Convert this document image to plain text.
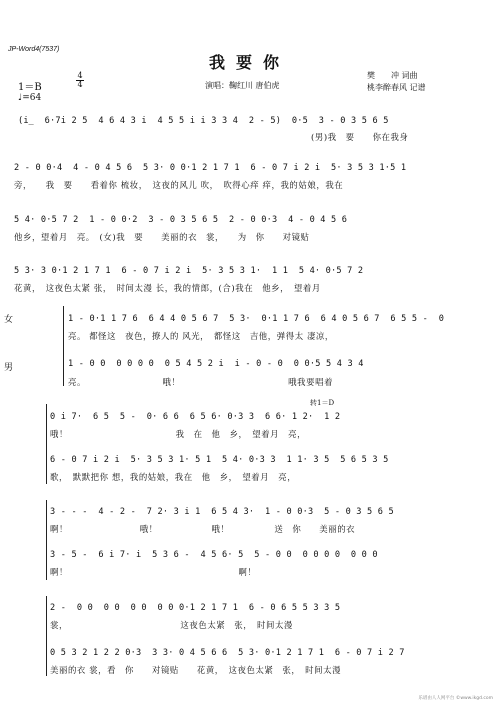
JP-Word4(7537)
我要你
演唱：鞠红川 唐伯虎
樊　　冲 词曲
桃李醉春风 记谱
1＝B
4
4
♩=64
(i̲  6·7i 2 5  4 6 4 3 i  4 5 5 i i 3 3 4  2 - 5)  0·5  3 - 0 3 5 6 5
(男)我　要　　你在我身
2 - 0 0·4  4 - 0 4 5 6  5 3· 0 0·1 2 1 7 1  6 - 0 7 i 2 i  5· 3 5 3 1·5 1
旁，　　我　要　　看着你 梳妆，　这夜的风儿 吹，　吹得心痒 痒，我的姑娘，我在
5 4· 0·5 7 2  1 - 0 0·2  3 - 0 3 5 6 5  2 - 0 0·3  4 - 0 4 5 6
他乡，望着月　亮。　(女)我　要　　美丽的衣　裳，　　为　你　　对镜贴
5 3· 3 0·1 2 1 7 1  6 - 0 7 i 2 i  5· 3 5 3 1·  1 1  5 4· 0·5 7 2
花黄，　这夜色太紧 张，　时间太漫 长，我的情郎，(合)我在　他乡，　望着月
女
男
1 - 0·1 1 7 6  6 4 4 0 5 6 7  5 3·  0·1 1 7 6  6 4 0 5 6 7  6 5 5 -  0
亮。 都怪这　夜色，撩人的 风光，　都怪这　吉他，弹得太 凄凉，
1 - 0 0  0 0 0 0  0 5 4 5 2 i  i - 0 - 0  0 0·5 5 4 3 4
亮。　　　　　　　　　哦！　　　　　　　　　　　　哦我要唱着
转1＝D
0 i 7·  6 5  5 -  0· 6 6  6 5 6· 0·3 3  6 6· 1 2·  1 2
哦！　　　　　　　　　　　　我　在　他　乡，　望着月　亮，
6 - 0 7 i 2 i  5· 3 5 3 1· 5 1  5 4· 0·3 3  1 1· 3 5  5 6 5 3 5
歌，　默默把你 想，我的姑娘，我在　他　乡，　望着月　亮，
3 - - -  4 - 2 -  7 2· 3 i 1  6 5 4 3·  1 - 0 0·3  5 - 0 3 5 6 5
啊！　　　　　　　　哦！　　　　　　哦！　　　　　送　你　　美丽的衣
3 - 5 -  6 i 7· i  5 3 6 -  4 5 6· 5  5 - 0 0  0 0 0 0  0 0 0
啊！　　　　　　　　　　　　　　　　　　　啊！
2 -  0 0  0 0  0 0  0 0 0·1 2 1 7 1  6 - 0 6 5 5 3 3 5
裳，　　　　　　　　　　　　　这夜色太紧　张，　时间太漫
0 5 3 2 1 2 2 0·3  3 3· 0 4 5 6 6  5 3· 0·1 2 1 7 1  6 - 0 7 i 2 7
美丽的衣 裳，看　你　　对镜贴　　花黄，　这夜色太紧　张，　时间太漫
乐谱由人人网平台 ©www.ikgd.com
